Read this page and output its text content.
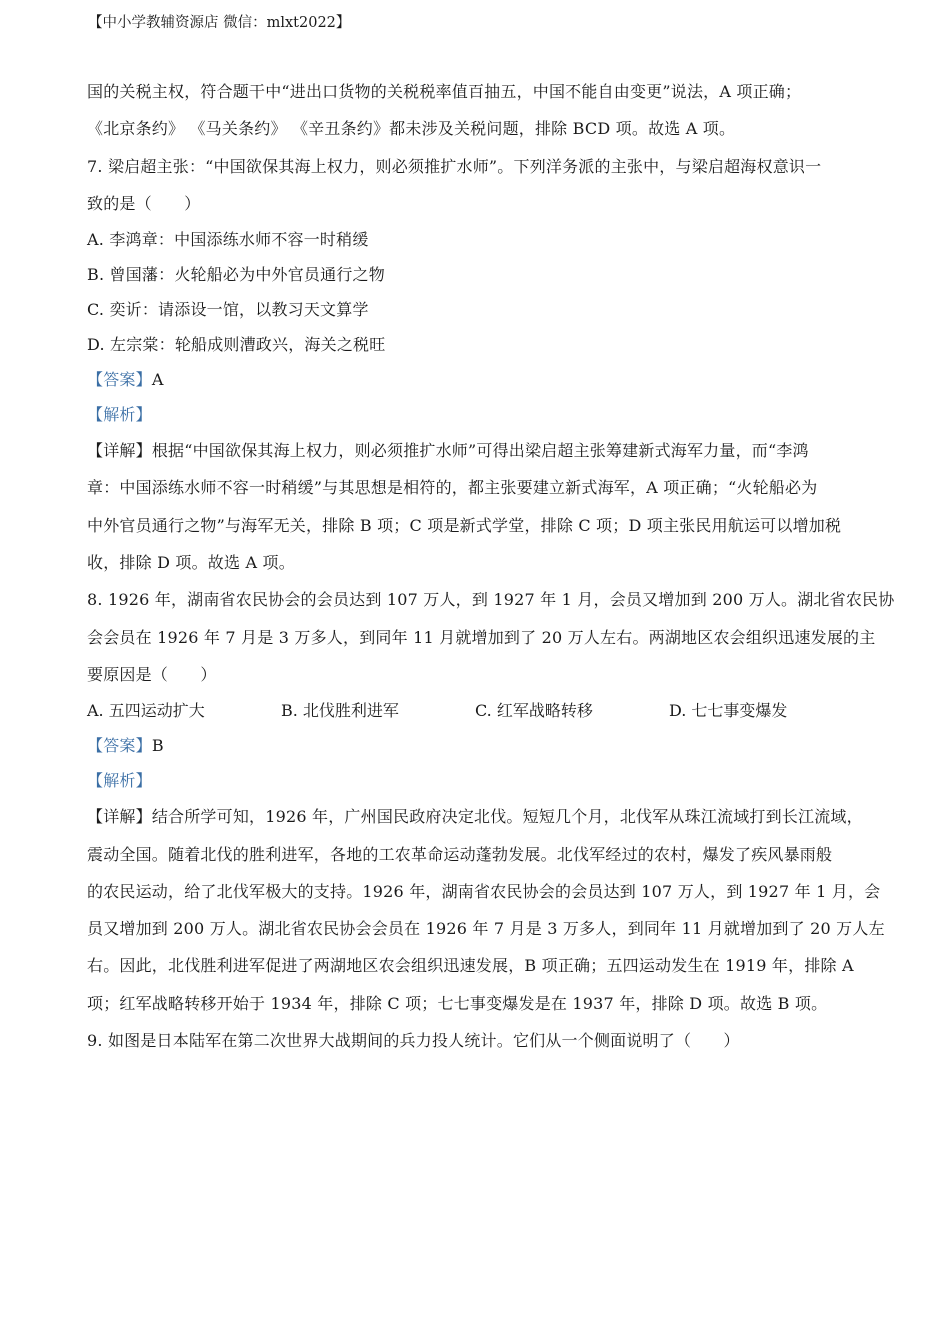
【中小学教辅资源店 微信：mlxt2022】
国的关税主权，符合题干中“进出口货物的关税税率值百抽五，中国不能自由变更”说法，A 项正确；
《北京条约》 《马关条约》 《辛丑条约》都未涉及关税问题，排除 BCD 项。故选 A 项。
7. 梁启超主张：“中国欲保其海上权力，则必须推扩水师”。下列洋务派的主张中，与梁启超海权意识一
致的是（　　）
A. 李鸿章：中国添练水师不容一时稍缓
B. 曾国藩：火轮船必为中外官员通行之物
C. 奕䜣：请添设一馆，以教习天文算学
D. 左宗棠：轮船成则漕政兴，海关之税旺
【答案】A
【解析】
【详解】根据“中国欲保其海上权力，则必须推扩水师”可得出梁启超主张筹建新式海军力量，而“李鸿
章：中国添练水师不容一时稍缓”与其思想是相符的，都主张要建立新式海军，A 项正确；“火轮船必为
中外官员通行之物”与海军无关，排除 B 项；C 项是新式学堂，排除 C 项；D 项主张民用航运可以增加税
收，排除 D 项。故选 A 项。
8. 1926 年，湖南省农民协会的会员达到 107 万人，到 1927 年 1 月，会员又增加到 200 万人。湖北省农民协
会会员在 1926 年 7 月是 3 万多人，到同年 11 月就增加到了 20 万人左右。两湖地区农会组织迅速发展的主
要原因是（　　）
A. 五四运动扩大	B. 北伐胜利进军	C. 红军战略转移	D. 七七事变爆发
【答案】B
【解析】
【详解】结合所学可知，1926 年，广州国民政府决定北伐。短短几个月，北伐军从珠江流域打到长江流域，
震动全国。随着北伐的胜利进军，各地的工农革命运动蓬勃发展。北伐军经过的农村，爆发了疾风暴雨般
的农民运动，给了北伐军极大的支持。1926 年，湖南省农民协会的会员达到 107 万人，到 1927 年 1 月，会
员又增加到 200 万人。湖北省农民协会会员在 1926 年 7 月是 3 万多人，到同年 11 月就增加到了 20 万人左
右。因此，北伐胜利进军促进了两湖地区农会组织迅速发展，B 项正确；五四运动发生在 1919 年，排除 A
项；红军战略转移开始于 1934 年，排除 C 项；七七事变爆发是在 1937 年，排除 D 项。故选 B 项。
9. 如图是日本陆军在第二次世界大战期间的兵力投人统计。它们从一个侧面说明了（　　）
